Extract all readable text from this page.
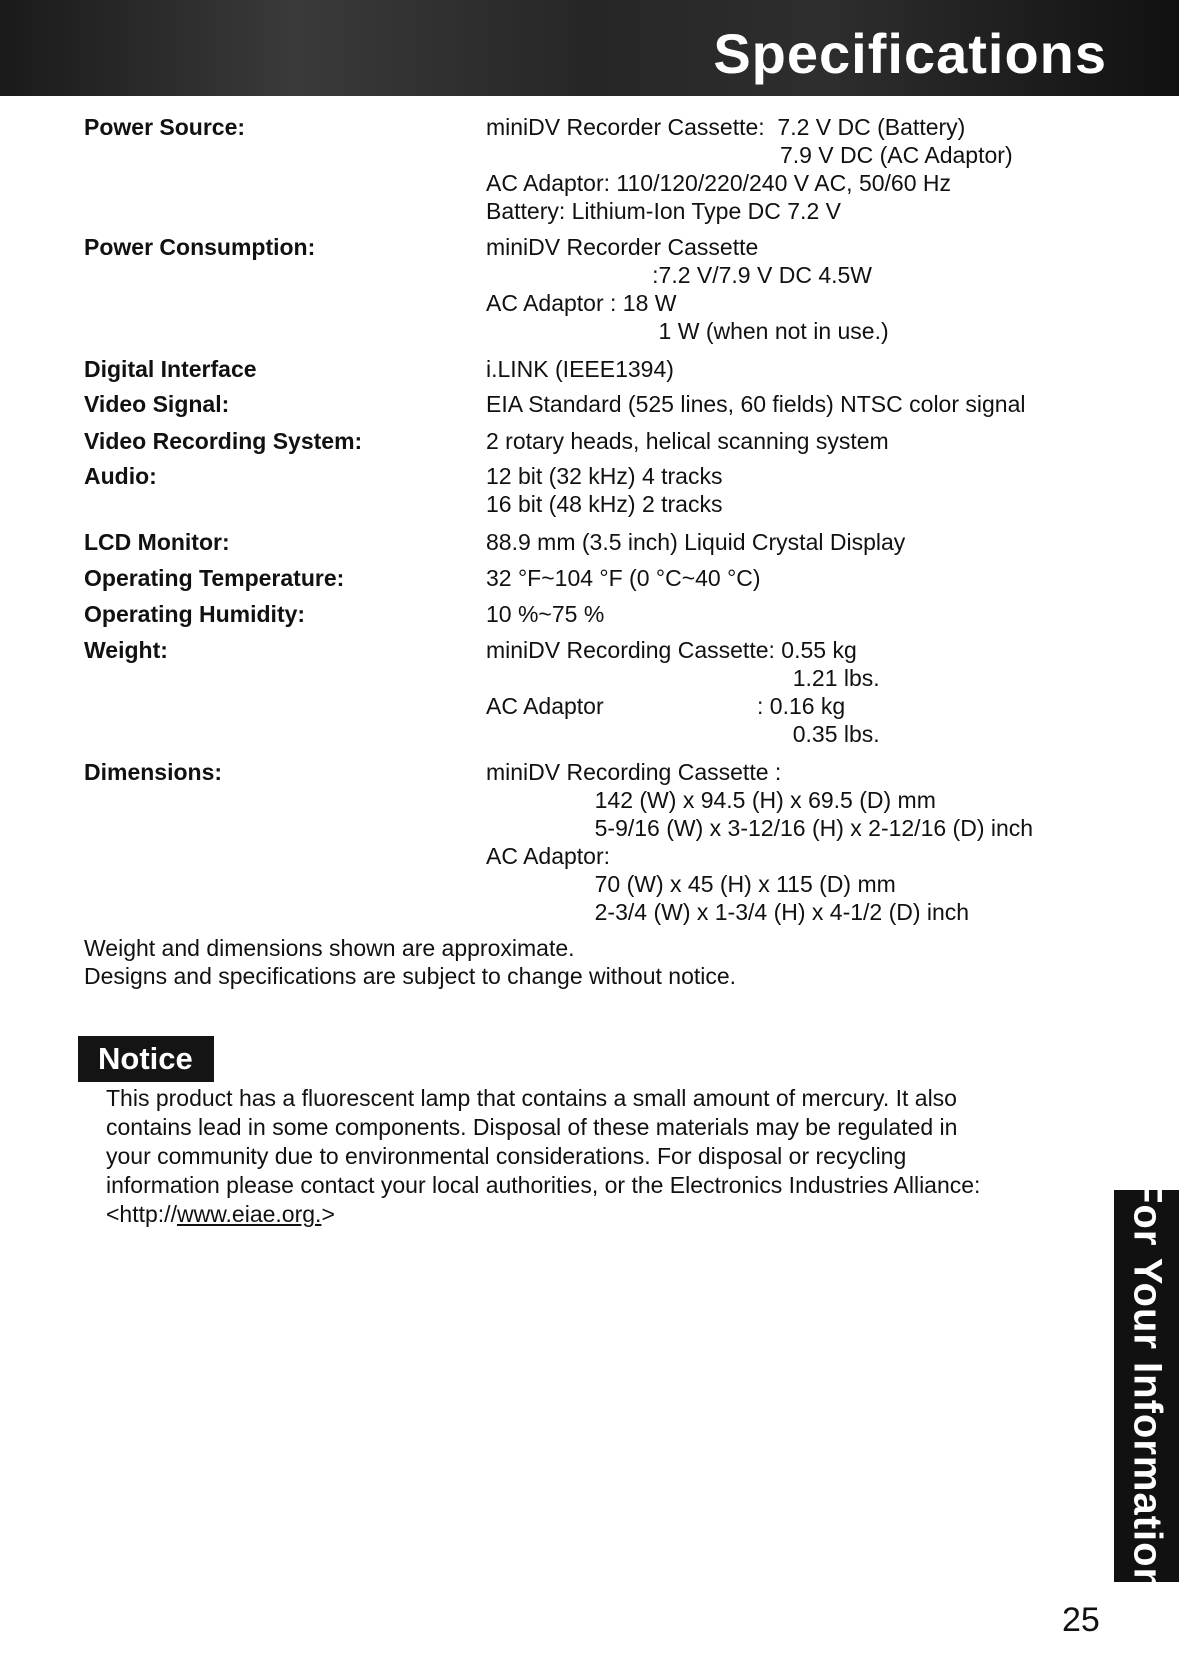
Specifications
Power Source:	miniDV Recorder Cassette:  7.2 V DC (Battery)
7.9 V DC (AC Adaptor)
AC Adaptor: 110/120/220/240 V AC, 50/60 Hz
Battery: Lithium-Ion Type DC 7.2 V
Power Consumption:	miniDV Recorder Cassette
:7.2 V/7.9 V DC 4.5W
AC Adaptor : 18 W
1 W (when not in use.)
Digital Interface	i.LINK (IEEE1394)
Video Signal:	EIA Standard (525 lines, 60 fields) NTSC color signal
Video Recording System:	2 rotary heads, helical scanning system
Audio:	12 bit (32 kHz) 4 tracks
16 bit (48 kHz) 2 tracks
LCD Monitor:	88.9 mm (3.5 inch) Liquid Crystal Display
Operating Temperature:	32 °F~104 °F (0 °C~40 °C)
Operating Humidity:	10 %~75 %
Weight:	miniDV Recording Cassette: 0.55 kg
1.21 lbs.
AC Adaptor                        : 0.16 kg
0.35 lbs.
Dimensions:	miniDV Recording Cassette :
142 (W) x 94.5 (H) x 69.5 (D) mm
5-9/16 (W) x 3-12/16 (H) x 2-12/16 (D) inch
AC Adaptor:
70 (W) x 45 (H) x 115 (D) mm
2-3/4 (W) x 1-3/4 (H) x 4-1/2 (D) inch
Weight and dimensions shown are approximate.
Designs and specifications are subject to change without notice.
Notice
This product has a fluorescent lamp that contains a small amount of mercury. It also
contains lead in some components. Disposal of these materials may be regulated in
your community due to environmental considerations. For disposal or recycling
information please contact your local authorities, or the Electronics Industries Alliance:
<http://www.eiae.org.>	For Your Information
25
